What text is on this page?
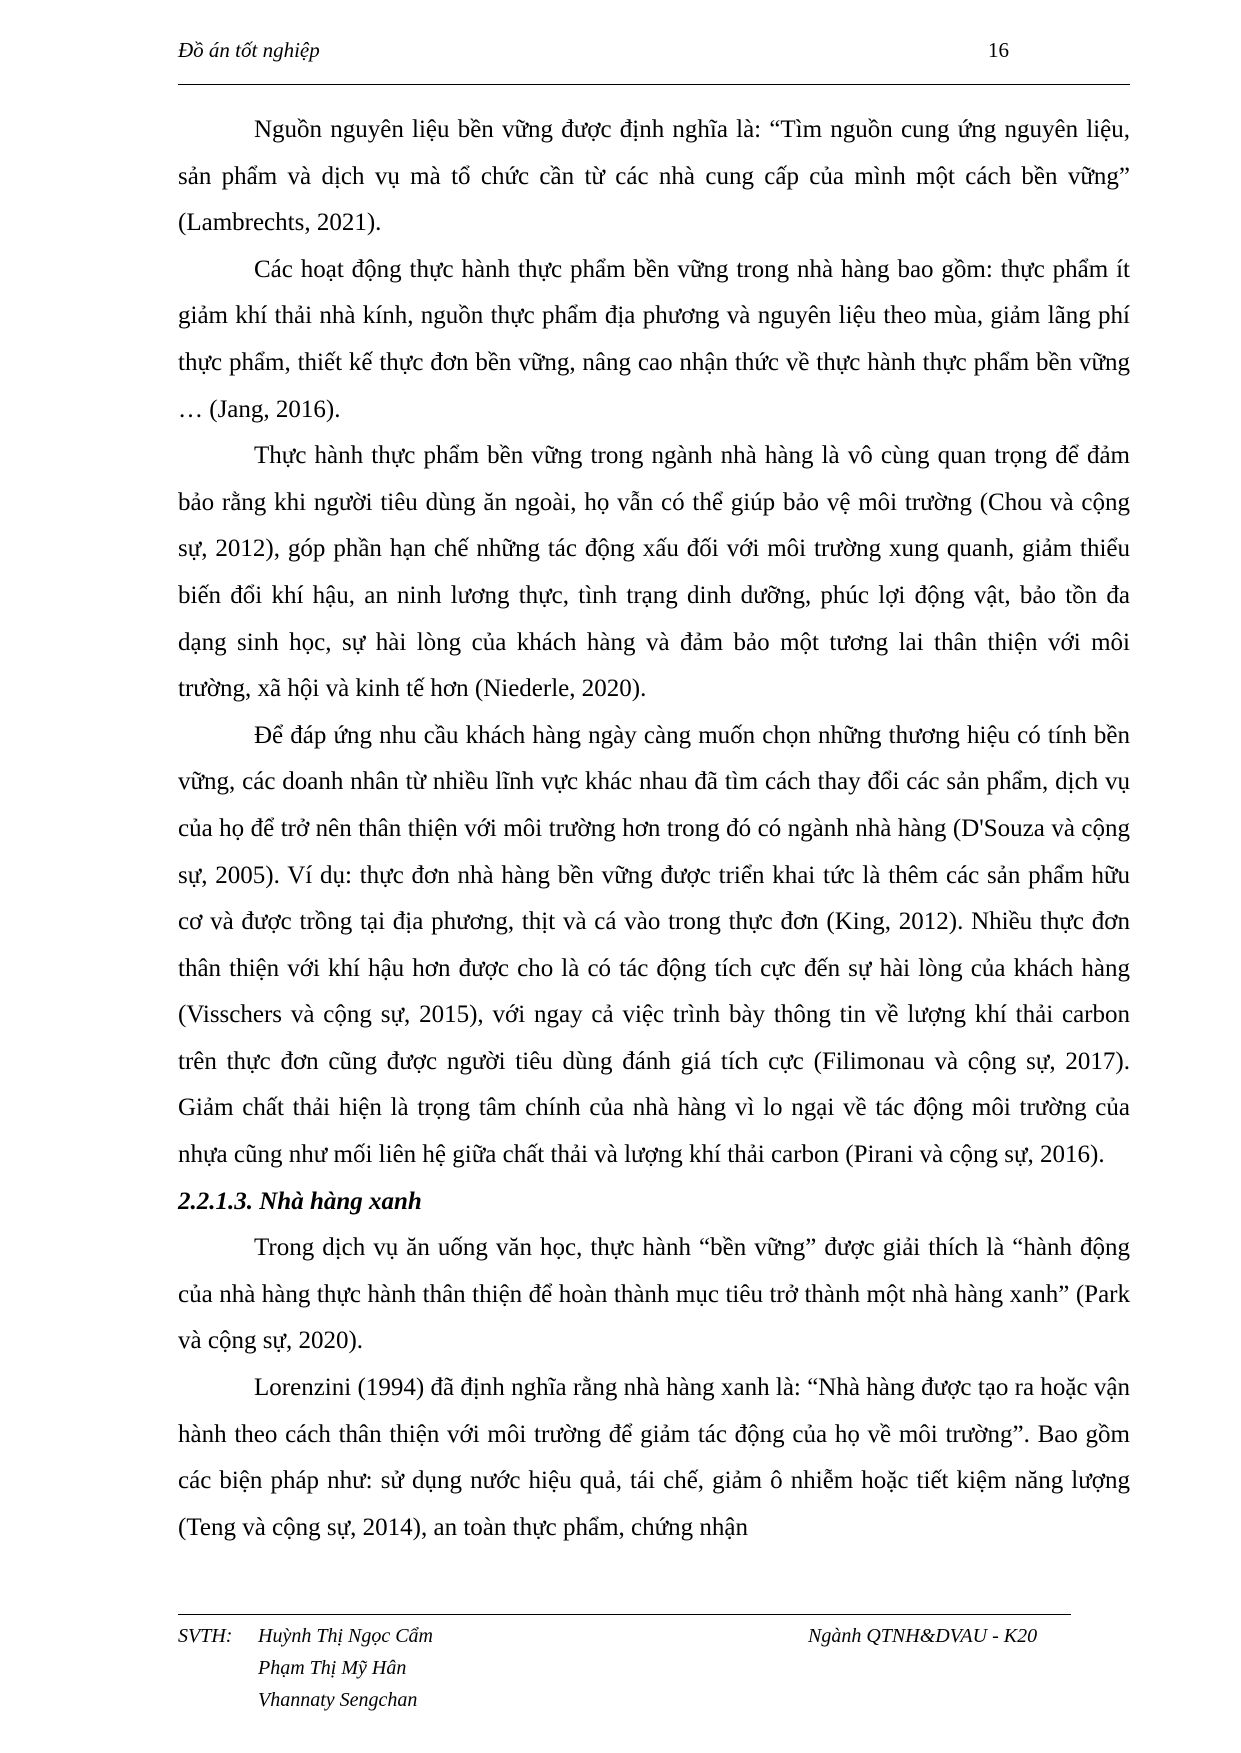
Đồ án tốt nghiệp	16

Nguồn nguyên liệu bền vững được định nghĩa là: “Tìm nguồn cung ứng nguyên liệu, sản phẩm và dịch vụ mà tổ chức cần từ các nhà cung cấp của mình một cách bền vững” (Lambrechts, 2021).

Các hoạt động thực hành thực phẩm bền vững trong nhà hàng bao gồm: thực phẩm ít giảm khí thải nhà kính, nguồn thực phẩm địa phương và nguyên liệu theo mùa, giảm lãng phí thực phẩm, thiết kế thực đơn bền vững, nâng cao nhận thức về thực hành thực phẩm bền vững … (Jang, 2016).

Thực hành thực phẩm bền vững trong ngành nhà hàng là vô cùng quan trọng để đảm bảo rằng khi người tiêu dùng ăn ngoài, họ vẫn có thể giúp bảo vệ môi trường (Chou và cộng sự, 2012), góp phần hạn chế những tác động xấu đối với môi trường xung quanh, giảm thiểu biến đổi khí hậu, an ninh lương thực, tình trạng dinh dưỡng, phúc lợi động vật, bảo tồn đa dạng sinh học, sự hài lòng của khách hàng và đảm bảo một tương lai thân thiện với môi trường, xã hội và kinh tế hơn (Niederle, 2020).

Để đáp ứng nhu cầu khách hàng ngày càng muốn chọn những thương hiệu có tính bền vững, các doanh nhân từ nhiều lĩnh vực khác nhau đã tìm cách thay đổi các sản phẩm, dịch vụ của họ để trở nên thân thiện với môi trường hơn trong đó có ngành nhà hàng (D'Souza và cộng sự, 2005). Ví dụ: thực đơn nhà hàng bền vững được triển khai tức là thêm các sản phẩm hữu cơ và được trồng tại địa phương, thịt và cá vào trong thực đơn (King, 2012). Nhiều thực đơn thân thiện với khí hậu hơn được cho là có tác động tích cực đến sự hài lòng của khách hàng (Visschers và cộng sự, 2015), với ngay cả việc trình bày thông tin về lượng khí thải carbon trên thực đơn cũng được người tiêu dùng đánh giá tích cực (Filimonau và cộng sự, 2017). Giảm chất thải hiện là trọng tâm chính của nhà hàng vì lo ngại về tác động môi trường của nhựa cũng như mối liên hệ giữa chất thải và lượng khí thải carbon (Pirani và cộng sự, 2016).

2.2.1.3. Nhà hàng xanh

Trong dịch vụ ăn uống văn học, thực hành “bền vững” được giải thích là “hành động của nhà hàng thực hành thân thiện để hoàn thành mục tiêu trở thành một nhà hàng xanh” (Park và cộng sự, 2020).

Lorenzini (1994) đã định nghĩa rằng nhà hàng xanh là: “Nhà hàng được tạo ra hoặc vận hành theo cách thân thiện với môi trường để giảm tác động của họ về môi trường”. Bao gồm các biện pháp như: sử dụng nước hiệu quả, tái chế, giảm ô nhiễm hoặc tiết kiệm năng lượng (Teng và cộng sự, 2014), an toàn thực phẩm, chứng nhận

SVTH: Huỳnh Thị Ngọc Cẩm
Phạm Thị Mỹ Hân
Vhannaty Sengchan
Ngành QTNH&DVAU - K20
